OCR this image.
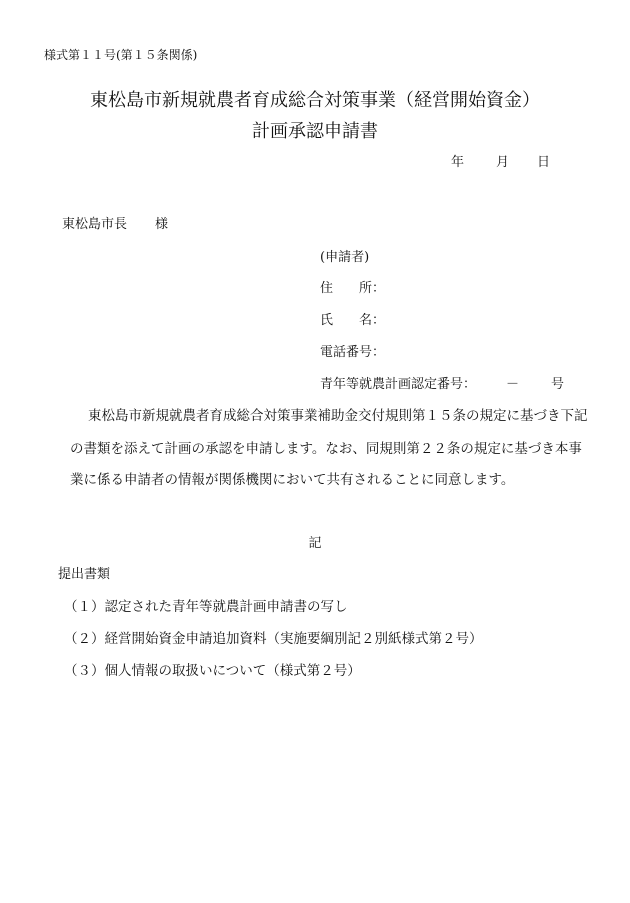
様式第１１号(第１５条関係)
東松島市新規就農者育成総合対策事業（経営開始資金）
計画承認申請書
年 月 日
東松島市長 様
(申請者)
住　　所：
氏　　名：
電話番号：
青年等就農計画認定番号： － 号
東松島市新規就農者育成総合対策事業補助金交付規則第１５条の規定に基づき下記
の書類を添えて計画の承認を申請します。なお、同規則第２２条の規定に基づき本事
業に係る申請者の情報が関係機関において共有されることに同意します。
記
提出書類
（１）認定された青年等就農計画申請書の写し
（２）経営開始資金申請追加資料（実施要綱別記２別紙様式第２号）
（３）個人情報の取扱いについて（様式第２号）
